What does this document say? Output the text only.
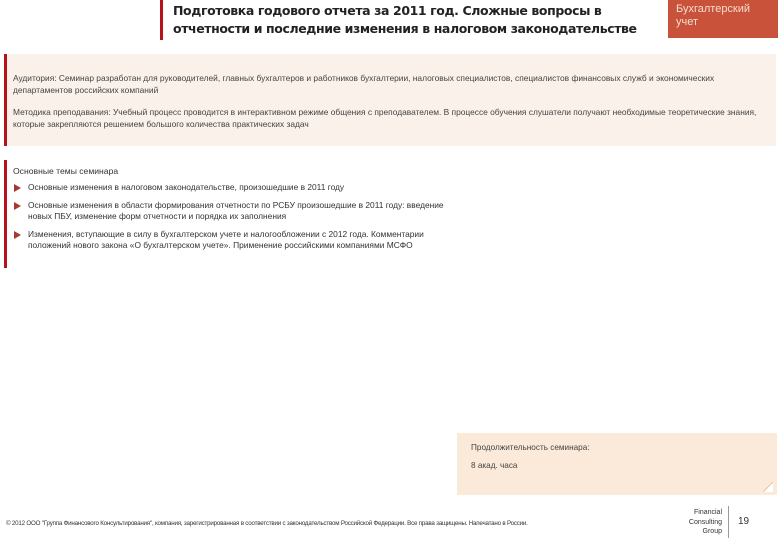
Подготовка годового отчета за 2011 год. Сложные вопросы в отчетности и последние изменения в налоговом законодательстве
Бухгалтерский учет

Аудитория: Семинар разработан для руководителей, главных бухгалтеров и работников бухгалтерии, налоговых специалистов, специалистов финансовых служб и экономических департаментов российских компаний

Методика преподавания: Учебный процесс проводится в интерактивном режиме общения с преподавателем. В процессе обучения слушатели получают необходимые теоретические знания, которые закрепляются решением большого количества практических задач

Основные темы семинара
Основные изменения в налоговом законодательстве, произошедшие в 2011 году
Основные изменения в области формирования отчетности по РСБУ произошедшие в 2011 году: введение новых ПБУ, изменение форм отчетности и порядка их заполнения
Изменения, вступающие в силу в бухгалтерском учете и налогообложении с 2012 года. Комментарии положений нового закона «О бухгалтерском учете». Применение российскими компаниями МСФО
Продолжительность семинара:
8 акад. часа
© 2012 ООО "Группа Финансового Консультирования", компания, зарегистрированная в соответствии с законодательством Российской Федерации. Все права защищены. Напечатано в России.
Financial
Consulting
Group
19
